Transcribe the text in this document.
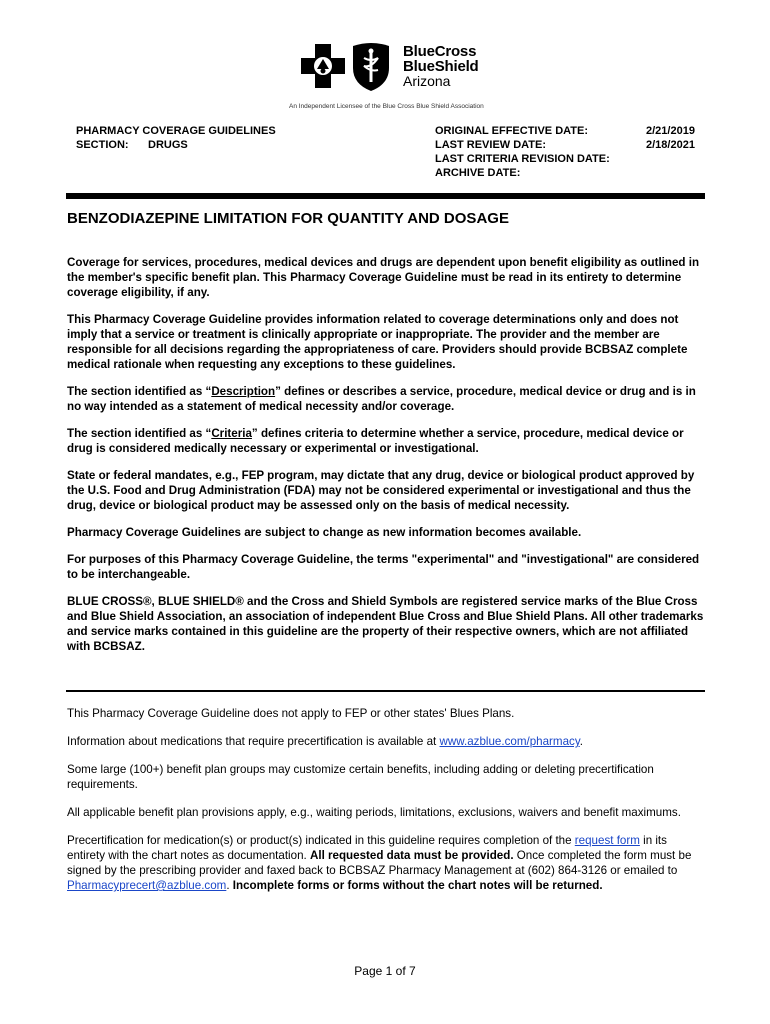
BlueCross
BlueShield
Arizona
An Independent Licensee of the Blue Cross Blue Shield Association
PHARMACY COVERAGE GUIDELINES
SECTION: DRUGS
ORIGINAL EFFECTIVE DATE:
LAST REVIEW DATE:
LAST CRITERIA REVISION DATE:
ARCHIVE DATE:
2/21/2019
2/18/2021
BENZODIAZEPINE LIMITATION FOR QUANTITY AND DOSAGE

Coverage for services, procedures, medical devices and drugs are dependent upon benefit eligibility as outlined in the member's specific benefit plan. This Pharmacy Coverage Guideline must be read in its entirety to determine coverage eligibility, if any.

This Pharmacy Coverage Guideline provides information related to coverage determinations only and does not imply that a service or treatment is clinically appropriate or inappropriate. The provider and the member are responsible for all decisions regarding the appropriateness of care. Providers should provide BCBSAZ complete medical rationale when requesting any exceptions to these guidelines.

The section identified as “Description” defines or describes a service, procedure, medical device or drug and is in no way intended as a statement of medical necessity and/or coverage.

The section identified as “Criteria” defines criteria to determine whether a service, procedure, medical device or drug is considered medically necessary or experimental or investigational.

State or federal mandates, e.g., FEP program, may dictate that any drug, device or biological product approved by the U.S. Food and Drug Administration (FDA) may not be considered experimental or investigational and thus the drug, device or biological product may be assessed only on the basis of medical necessity.

Pharmacy Coverage Guidelines are subject to change as new information becomes available.

For purposes of this Pharmacy Coverage Guideline, the terms "experimental" and "investigational" are considered to be interchangeable.

BLUE CROSS®, BLUE SHIELD® and the Cross and Shield Symbols are registered service marks of the Blue Cross and Blue Shield Association, an association of independent Blue Cross and Blue Shield Plans. All other trademarks and service marks contained in this guideline are the property of their respective owners, which are not affiliated with BCBSAZ.

This Pharmacy Coverage Guideline does not apply to FEP or other states' Blues Plans.

Information about medications that require precertification is available at www.azblue.com/pharmacy.

Some large (100+) benefit plan groups may customize certain benefits, including adding or deleting precertification requirements.

All applicable benefit plan provisions apply, e.g., waiting periods, limitations, exclusions, waivers and benefit maximums.

Precertification for medication(s) or product(s) indicated in this guideline requires completion of the request form in its entirety with the chart notes as documentation. All requested data must be provided. Once completed the form must be signed by the prescribing provider and faxed back to BCBSAZ Pharmacy Management at (602) 864-3126 or emailed to Pharmacyprecert@azblue.com. Incomplete forms or forms without the chart notes will be returned.

Page 1 of 7
